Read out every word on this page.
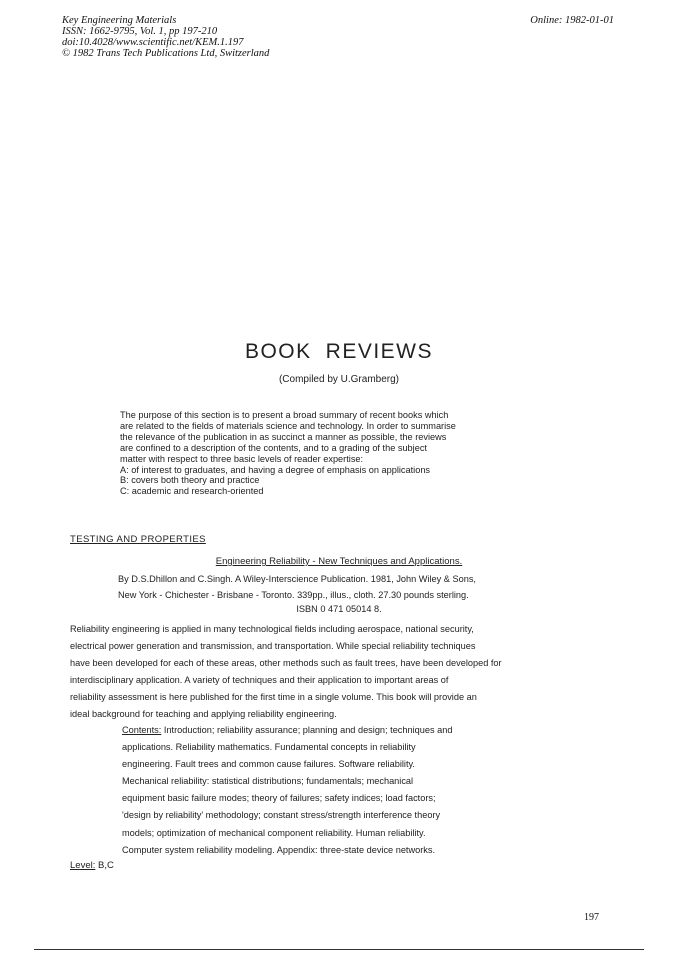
Key Engineering Materials
ISSN: 1662-9795, Vol. 1, pp 197-210
doi:10.4028/www.scientific.net/KEM.1.197
© 1982 Trans Tech Publications Ltd, Switzerland
Online: 1982-01-01
BOOK REVIEWS
(Compiled by U.Gramberg)
The purpose of this section is to present a broad summary of recent books which
are related to the fields of materials science and technology. In order to summarise
the relevance of the publication in as succinct a manner as possible, the reviews
are confined to a description of the contents, and to a grading of the subject
matter with respect to three basic levels of reader expertise:
A: of interest to graduates, and having a degree of emphasis on applications
B: covers both theory and practice
C: academic and research-oriented
TESTING AND PROPERTIES
Engineering Reliability - New Techniques and Applications.
By D.S.Dhillon and C.Singh. A Wiley-Interscience Publication. 1981, John Wiley & Sons,
New York - Chichester - Brisbane - Toronto. 339pp., illus., cloth. 27.30 pounds sterling.
ISBN 0 471 05014 8.
Reliability engineering is applied in many technological fields including aerospace, national security,
electrical power generation and transmission, and transportation. While special reliability techniques
have been developed for each of these areas, other methods such as fault trees, have been developed for
interdisciplinary application. A variety of techniques and their application to important areas of
reliability assessment is here published for the first time in a single volume. This book will provide an
ideal background for teaching and applying reliability engineering.
Contents: Introduction; reliability assurance; planning and design; techniques and
applications. Reliability mathematics. Fundamental concepts in reliability
engineering. Fault trees and common cause failures. Software reliability.
Mechanical reliability: statistical distributions; fundamentals; mechanical
equipment basic failure modes; theory of failures; safety indices; load factors;
'design by reliability' methodology; constant stress/strength interference theory
models; optimization of mechanical component reliability. Human reliability.
Computer system reliability modeling. Appendix: three-state device networks.
Level: B,C
197
